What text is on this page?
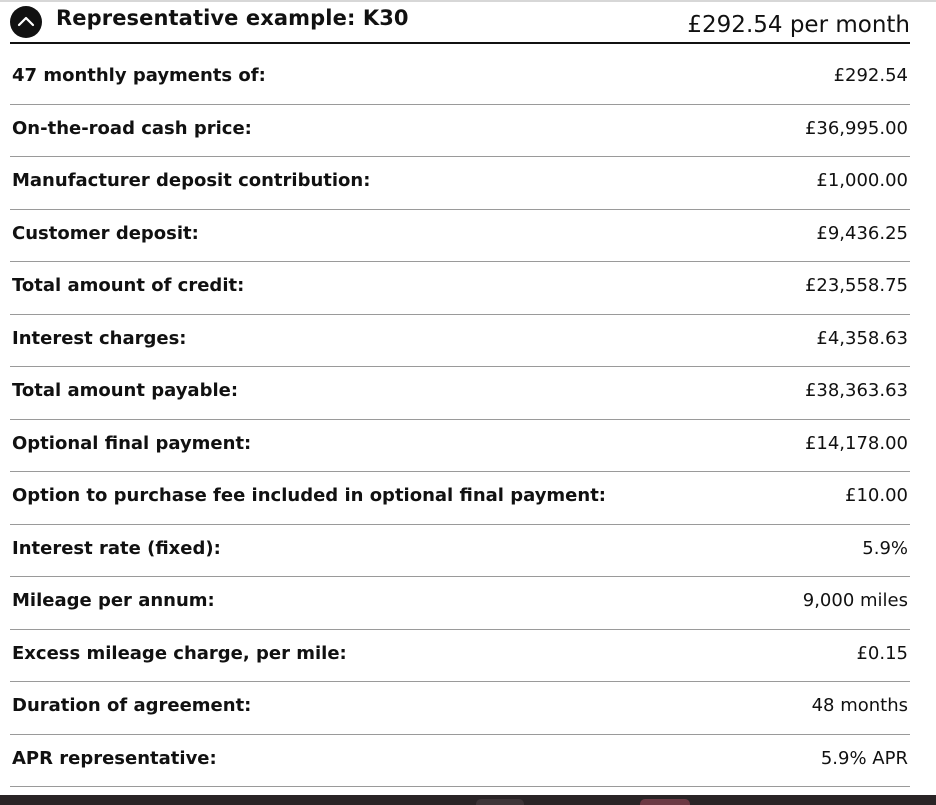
Representative example: K30	£292.54 per month
47 monthly payments of:	£292.54
On-the-road cash price:	£36,995.00
Manufacturer deposit contribution:	£1,000.00
Customer deposit:	£9,436.25
Total amount of credit:	£23,558.75
Interest charges:	£4,358.63
Total amount payable:	£38,363.63
Optional final payment:	£14,178.00
Option to purchase fee included in optional final payment:	£10.00
Interest rate (fixed):	5.9%
Mileage per annum:	9,000 miles
Excess mileage charge, per mile:	£0.15
Duration of agreement:	48 months
APR representative:	5.9% APR
